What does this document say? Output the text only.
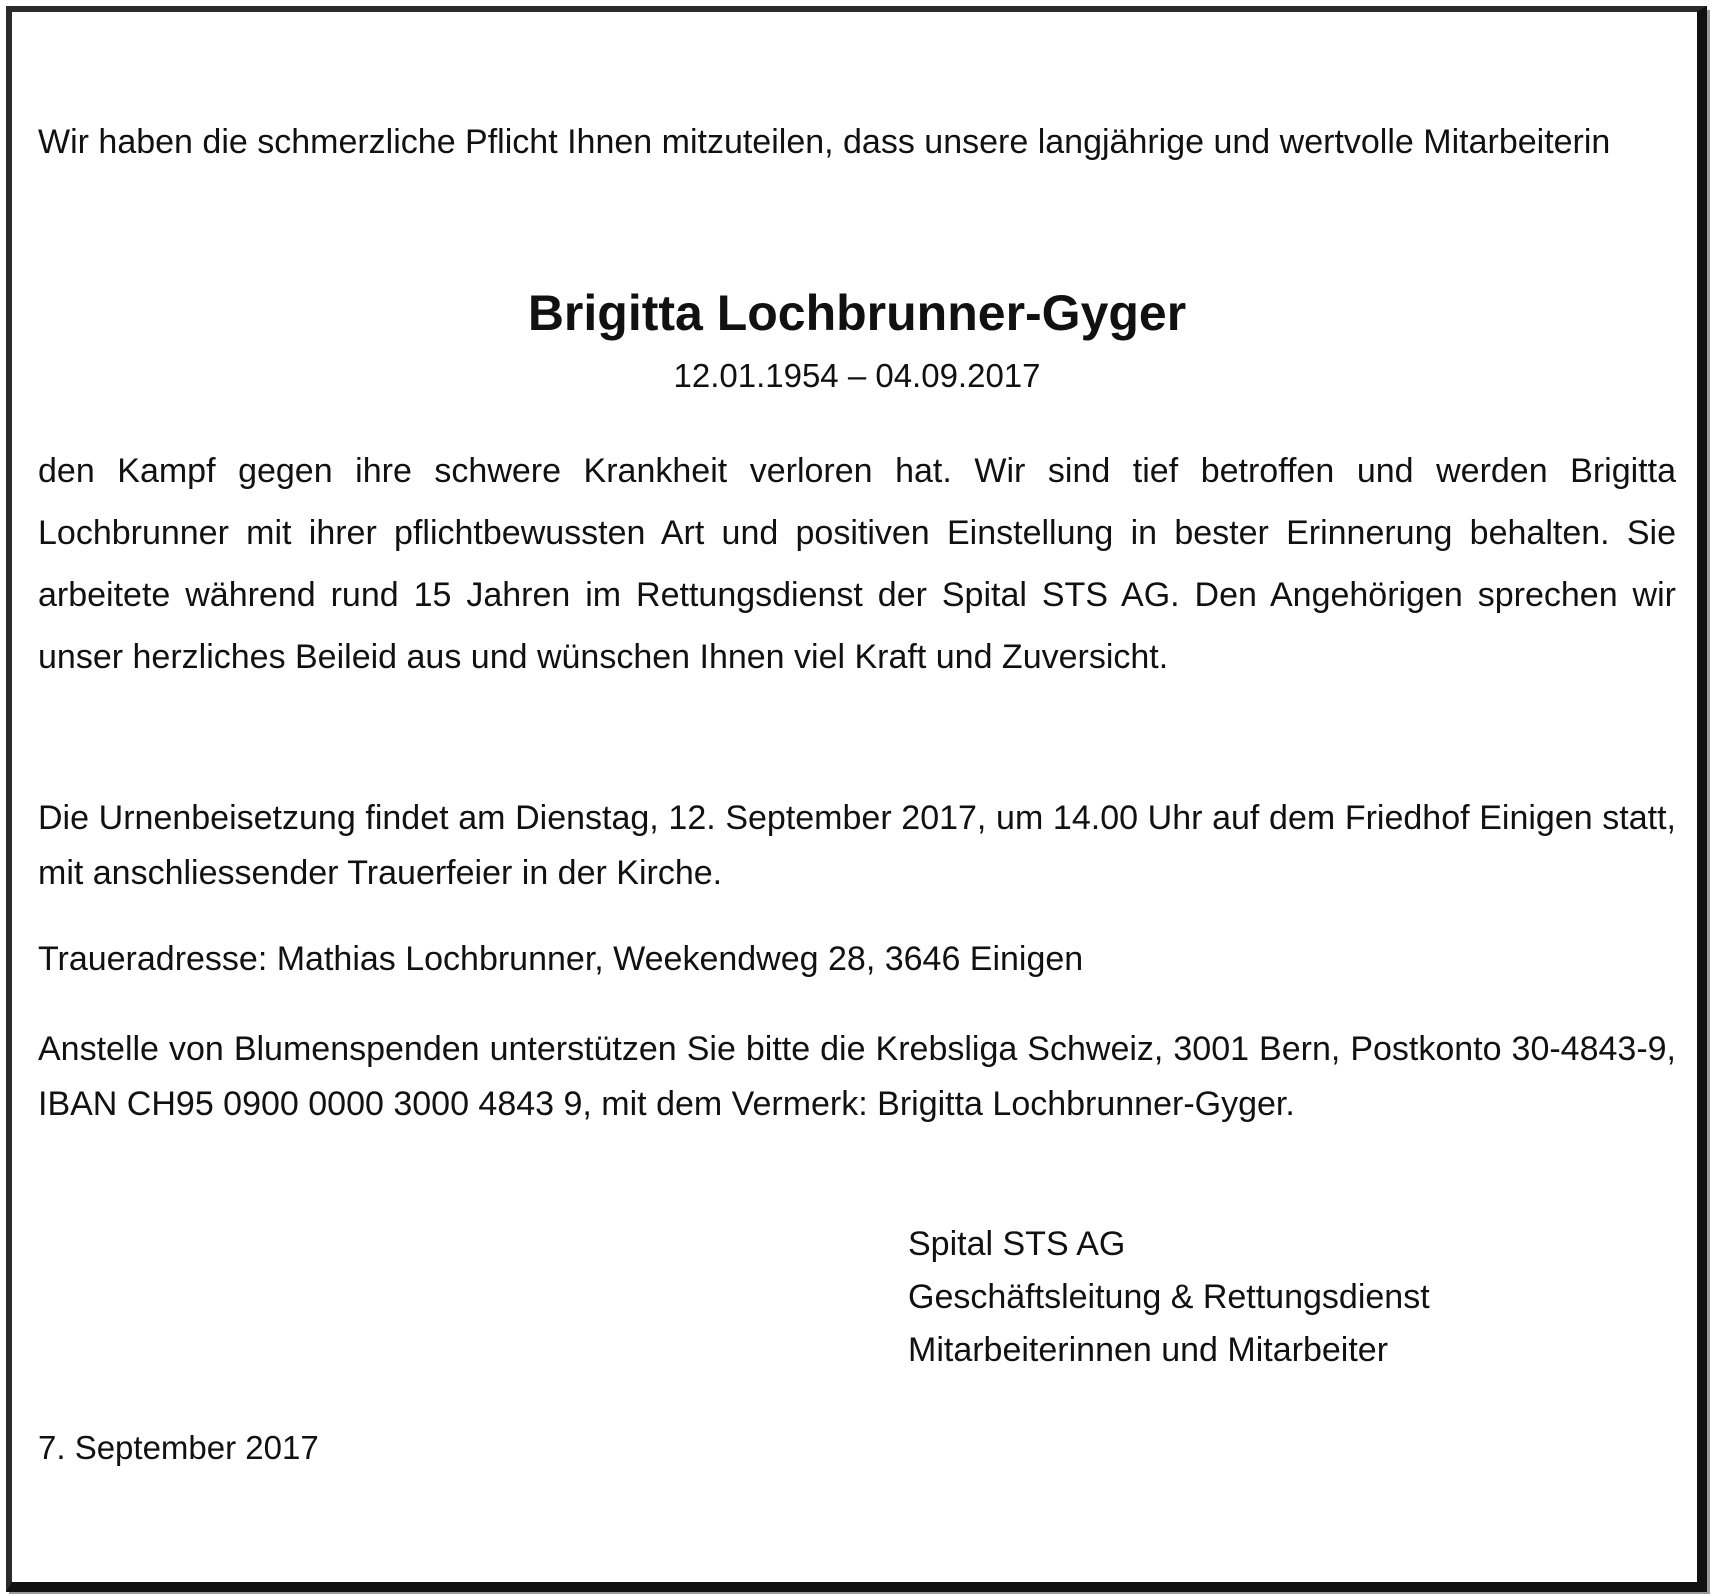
Wir haben die schmerzliche Pflicht Ihnen mitzuteilen, dass unsere langjährige und wertvolle Mitarbeiterin

Brigitta Lochbrunner-Gyger

12.01.1954 – 04.09.2017

den Kampf gegen ihre schwere Krankheit verloren hat. Wir sind tief betroffen und werden Brigitta Lochbrunner mit ihrer pflichtbewussten Art und positiven Einstellung in bester Erinnerung behalten. Sie arbeitete während rund 15 Jahren im Rettungsdienst der Spital STS AG. Den Angehörigen sprechen wir unser herzliches Beileid aus und wünschen Ihnen viel Kraft und Zuversicht.

Die Urnenbeisetzung findet am Dienstag, 12. September 2017, um 14.00 Uhr auf dem Friedhof Einigen statt, mit anschliessender Trauerfeier in der Kirche.

Traueradresse: Mathias Lochbrunner, Weekendweg 28, 3646 Einigen

Anstelle von Blumenspenden unterstützen Sie bitte die Krebsliga Schweiz, 3001 Bern, Postkonto 30-4843-9, IBAN CH95 0900 0000 3000 4843 9, mit dem Vermerk: Brigitta Lochbrunner-Gyger.

Spital STS AG
Geschäftsleitung & Rettungsdienst
Mitarbeiterinnen und Mitarbeiter
7. September 2017
